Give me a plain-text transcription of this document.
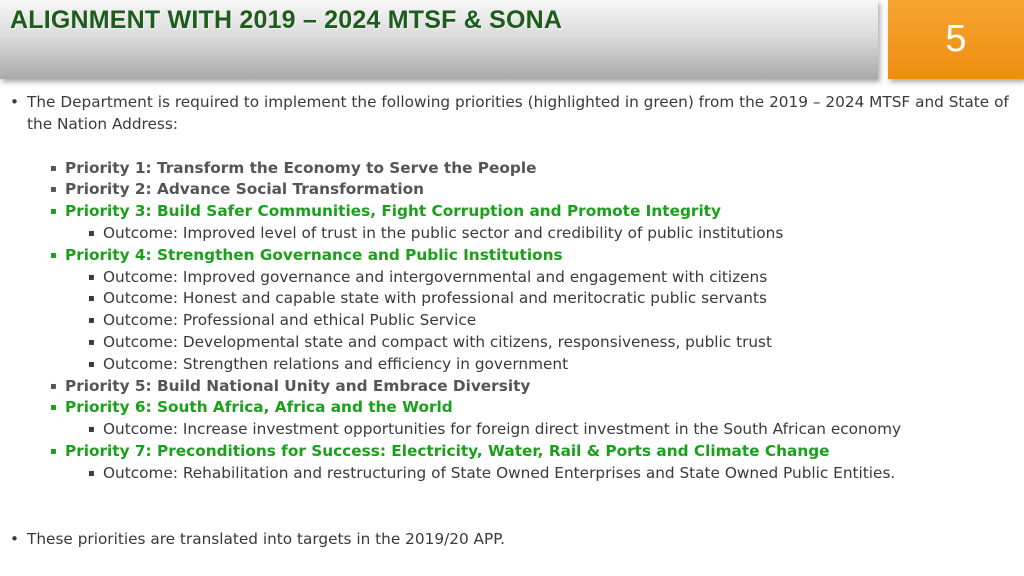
ALIGNMENT WITH 2019 – 2024 MTSF & SONA	5
• The Department is required to implement the following priorities (highlighted in green) from the 2019 – 2024 MTSF and State of the Nation Address:
▪ Priority 1: Transform the Economy to Serve the People
▪ Priority 2: Advance Social Transformation
▪ Priority 3: Build Safer Communities, Fight Corruption and Promote Integrity
▪ Outcome: Improved level of trust in the public sector and credibility of public institutions
▪ Priority 4: Strengthen Governance and Public Institutions
▪ Outcome: Improved governance and intergovernmental and engagement with citizens
▪ Outcome: Honest and capable state with professional and meritocratic public servants
▪ Outcome: Professional and ethical Public Service
▪ Outcome: Developmental state and compact with citizens, responsiveness, public trust
▪ Outcome: Strengthen relations and efficiency in government
▪ Priority 5: Build National Unity and Embrace Diversity
▪ Priority 6: South Africa, Africa and the World
▪ Outcome: Increase investment opportunities for foreign direct investment in the South African economy
▪ Priority 7: Preconditions for Success: Electricity, Water, Rail & Ports and Climate Change
▪ Outcome: Rehabilitation and restructuring of State Owned Enterprises and State Owned Public Entities.
• These priorities are translated into targets in the 2019/20 APP.
